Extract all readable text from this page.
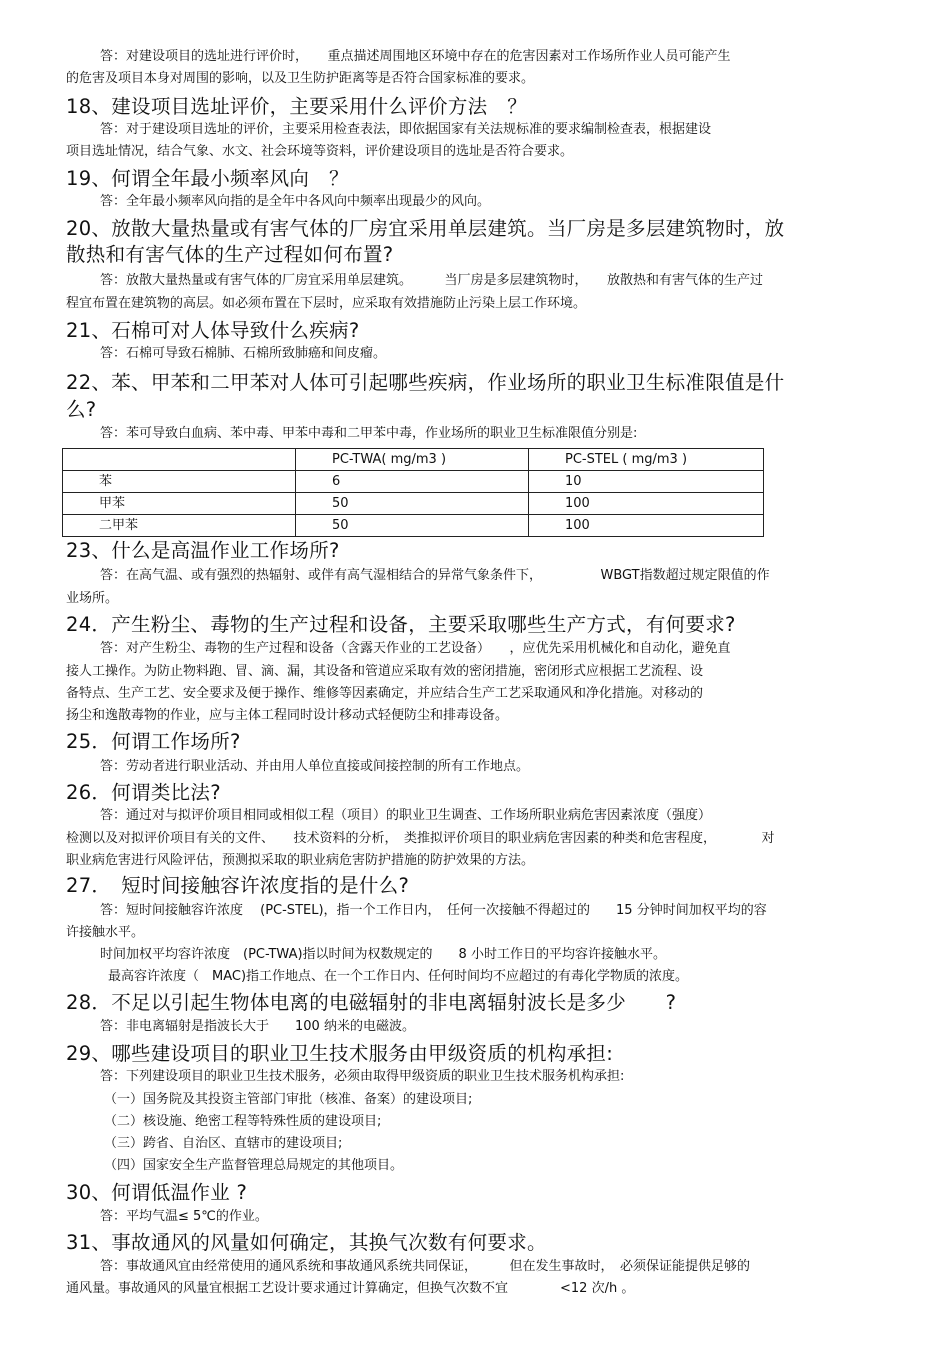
答：对建设项目的选址进行评价时，　　重点描述周围地区环境中存在的危害因素对工作场所作业人员可能产生
的危害及项目本身对周围的影响，以及卫生防护距离等是否符合国家标准的要求。
18、建设项目选址评价，主要采用什么评价方法　？
答：对于建设项目选址的评价，主要采用检查表法，即依据国家有关法规标准的要求编制检查表，根据建设
项目选址情况，结合气象、水文、社会环境等资料，评价建设项目的选址是否符合要求。
19、何谓全年最小频率风向　？
答：全年最小频率风向指的是全年中各风向中频率出现最少的风向。
20、放散大量热量或有害气体的厂房宜采用单层建筑。当厂房是多层建筑物时，放
散热和有害气体的生产过程如何布置?
答：放散大量热量或有害气体的厂房宜采用单层建筑。　　　当厂房是多层建筑物时，　　放散热和有害气体的生产过
程宜布置在建筑物的高层。如必须布置在下层时，应采取有效措施防止污染上层工作环境。
21、石棉可对人体导致什么疾病?
答：石棉可导致石棉肺、石棉所致肺癌和间皮瘤。
22、苯、甲苯和二甲苯对人体可引起哪些疾病，作业场所的职业卫生标准限值是什
么?
答：苯可导致白血病、苯中毒、甲苯中毒和二甲苯中毒，作业场所的职业卫生标准限值分别是:
	PC-TWA( mg/m3 )	PC-STEL ( mg/m3 )
苯	6	10
甲苯	50	100
二甲苯	50	100
23、什么是高温作业工作场所?
答：在高气温、或有强烈的热辐射、或伴有高气湿相结合的异常气象条件下，　　　　　WBGT指数超过规定限值的作
业场所。
24．产生粉尘、毒物的生产过程和设备，主要采取哪些生产方式，有何要求?
答：对产生粉尘、毒物的生产过程和设备（含露天作业的工艺设备）　　，应优先采用机械化和自动化，避免直
接人工操作。为防止物料跑、冒、滴、漏，其设备和管道应采取有效的密闭措施，密闭形式应根据工艺流程、设
备特点、生产工艺、安全要求及便于操作、维修等因素确定，并应结合生产工艺采取通风和净化措施。对移动的
扬尘和逸散毒物的作业，应与主体工程同时设计移动式轻便防尘和排毒设备。
25．何谓工作场所?
答：劳动者进行职业活动、并由用人单位直接或间接控制的所有工作地点。
26．何谓类比法?
答：通过对与拟评价项目相同或相似工程（项目）的职业卫生调查、工作场所职业病危害因素浓度（强度）
检测以及对拟评价项目有关的文件、　　技术资料的分析，　类推拟评价项目的职业病危害因素的种类和危害程度，　　　　对
职业病危害进行风险评估，预测拟采取的职业病危害防护措施的防护效果的方法。
27．　短时间接触容许浓度指的是什么?
答：短时间接触容许浓度　 (PC-STEL)，指一个工作日内，　任何一次接触不得超过的　　15 分钟时间加权平均的容
许接触水平。
时间加权平均容许浓度　(PC-TWA)指以时间为权数规定的　　8 小时工作日的平均容许接触水平。
最高容许浓度（　MAC)指工作地点、在一个工作日内、任何时间均不应超过的有毒化学物质的浓度。
28．不足以引起生物体电离的电磁辐射的非电离辐射波长是多少　　?
答：非电离辐射是指波长大于　　100 纳米的电磁波。
29、哪些建设项目的职业卫生技术服务由甲级资质的机构承担:
答：下列建设项目的职业卫生技术服务，必须由取得甲级资质的职业卫生技术服务机构承担:
（一）国务院及其投资主管部门审批（核准、备案）的建设项目;
（二）核设施、绝密工程等特殊性质的建设项目;
（三）跨省、自治区、直辖市的建设项目;
（四）国家安全生产监督管理总局规定的其他项目。
30、何谓低温作业 ?
答：平均气温≤ 5℃的作业。
31、事故通风的风量如何确定，其换气次数有何要求。
答：事故通风宜由经常使用的通风系统和事故通风系统共同保证，　　　但在发生事故时，　必须保证能提供足够的
通风量。事故通风的风量宜根据工艺设计要求通过计算确定，但换气次数不宜　　　　<12 次/h 。
